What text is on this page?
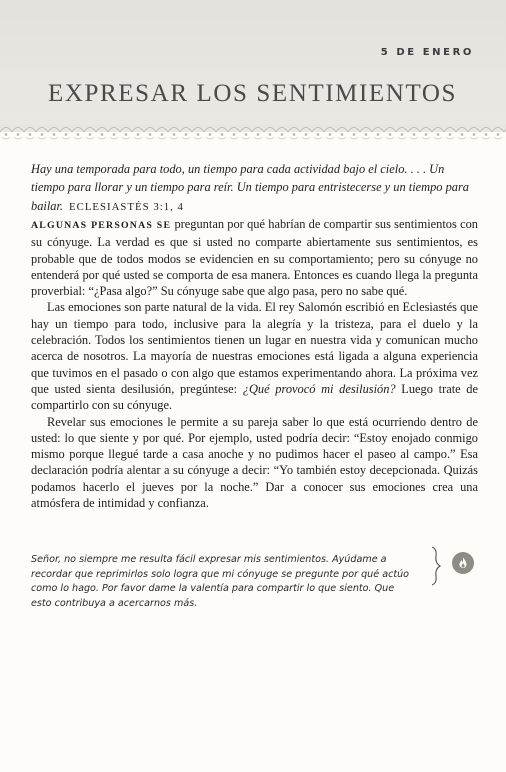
5 DE ENERO
EXPRESAR LOS SENTIMIENTOS
Hay una temporada para todo, un tiempo para cada actividad bajo el cielo. . . . Un tiempo para llorar y un tiempo para reír. Un tiempo para entristecerse y un tiempo para bailar. ECLESIASTÉS 3:1, 4

ALGUNAS PERSONAS SE preguntan por qué habrían de compartir sus sentimientos con su cónyuge. La verdad es que si usted no comparte abiertamente sus sentimientos, es probable que de todos modos se evidencien en su comportamiento; pero su cónyuge no entenderá por qué usted se comporta de esa manera. Entonces es cuando llega la pregunta proverbial: “¿Pasa algo?” Su cónyuge sabe que algo pasa, pero no sabe qué.

Las emociones son parte natural de la vida. El rey Salomón escribió en Eclesiastés que hay un tiempo para todo, inclusive para la alegría y la tristeza, para el duelo y la celebración. Todos los sentimientos tienen un lugar en nuestra vida y comunican mucho acerca de nosotros. La mayoría de nuestras emociones está ligada a alguna experiencia que tuvimos en el pasado o con algo que estamos experimentando ahora. La próxima vez que usted sienta desilusión, pregúntese: ¿Qué provocó mi desilusión? Luego trate de compartirlo con su cónyuge.

Revelar sus emociones le permite a su pareja saber lo que está ocurriendo dentro de usted: lo que siente y por qué. Por ejemplo, usted podría decir: “Estoy enojado conmigo mismo porque llegué tarde a casa anoche y no pudimos hacer el paseo al campo.” Esa declaración podría alentar a su cónyuge a decir: “Yo también estoy decepcionada. Quizás podamos hacerlo el jueves por la noche.” Dar a conocer sus emociones crea una atmósfera de intimidad y confianza.

Señor, no siempre me resulta fácil expresar mis sentimientos. Ayúdame a recordar que reprimirlos solo logra que mi cónyuge se pregunte por qué actúo como lo hago. Por favor dame la valentía para compartir lo que siento. Que esto contribuya a acercarnos más.
